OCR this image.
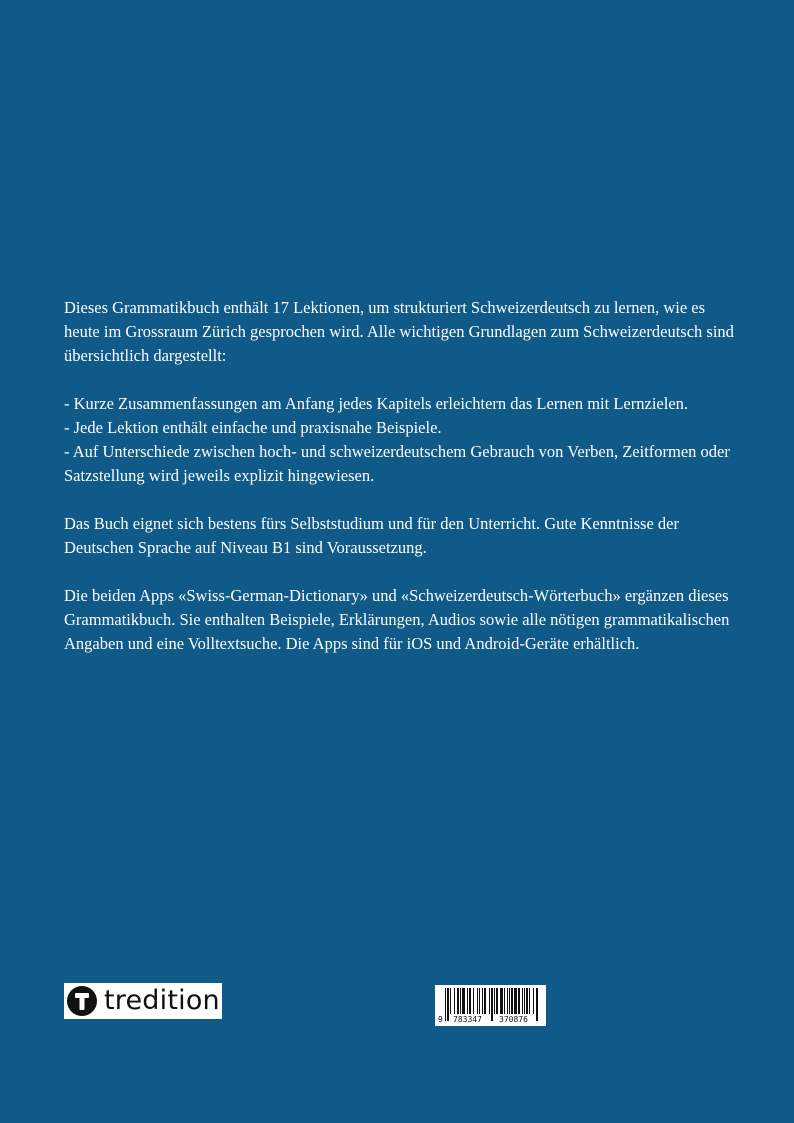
Dieses Grammatikbuch enthält 17 Lektionen, um strukturiert Schweizerdeutsch zu lernen, wie es heute im Grossraum Zürich gesprochen wird. Alle wichtigen Grundlagen zum Schweizerdeutsch sind übersichtlich dargestellt:

- Kurze Zusammenfassungen am Anfang jedes Kapitels erleichtern das Lernen mit Lernzielen.
- Jede Lektion enthält einfache und praxisnahe Beispiele.
- Auf Unterschiede zwischen hoch- und schweizerdeutschem Gebrauch von Verben, Zeitformen oder Satzstellung wird jeweils explizit hingewiesen.

Das Buch eignet sich bestens fürs Selbststudium und für den Unterricht. Gute Kenntnisse der Deutschen Sprache auf Niveau B1 sind Voraussetzung.

Die beiden Apps «Swiss-German-Dictionary» und «Schweizerdeutsch-Wörterbuch» ergänzen dieses Grammatikbuch. Sie enthalten Beispiele, Erklärungen, Audios sowie alle nötigen grammatikalischen Angaben und eine Volltextsuche. Die Apps sind für iOS und Android-Geräte erhältlich.

tredition
9 783347 370876
